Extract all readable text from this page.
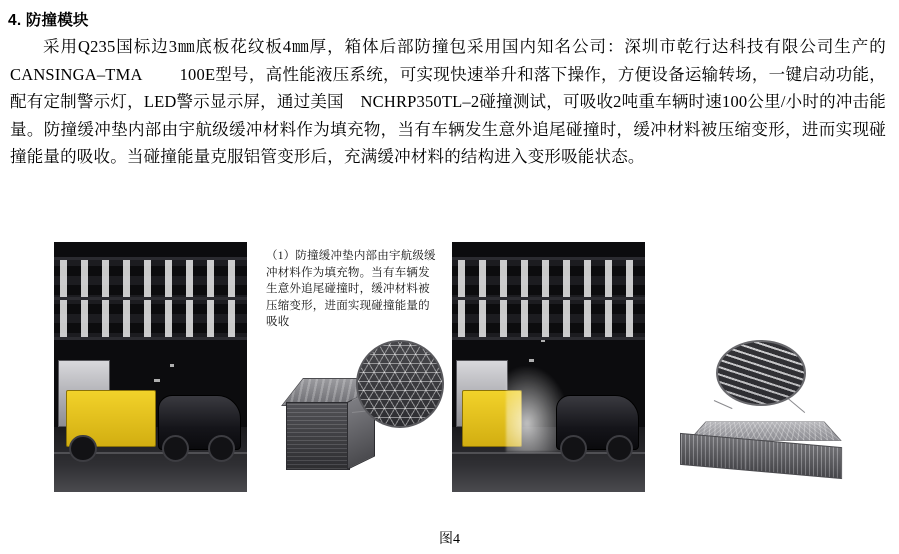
4. 防撞模块
采用Q235国标边3㎜底板花纹板4㎜厚，箱体后部防撞包采用国内知名公司：深圳市乾行达科技有限公司生产的CANSINGA–TMA 　　100E型号，高性能液压系统，可实现快速举升和落下操作，方便设备运输转场，一键启动功能，配有定制警示灯，LED警示显示屏，通过美国　NCHRP350TL–2碰撞测试，可吸收2吨重车辆时速100公里/小时的冲击能量。防撞缓冲垫内部由宇航级缓冲材料作为填充物，当有车辆发生意外追尾碰撞时，缓冲材料被压缩变形，进而实现碰撞能量的吸收。当碰撞能量克服铝管变形后，充满缓冲材料的结构进入变形吸能状态。
（1）防撞缓冲垫内部由宇航级缓冲材料作为填充物。当有车辆发生意外追尾碰撞时，缓冲材料被压缩变形，进面实现碰撞能量的吸收
图4
